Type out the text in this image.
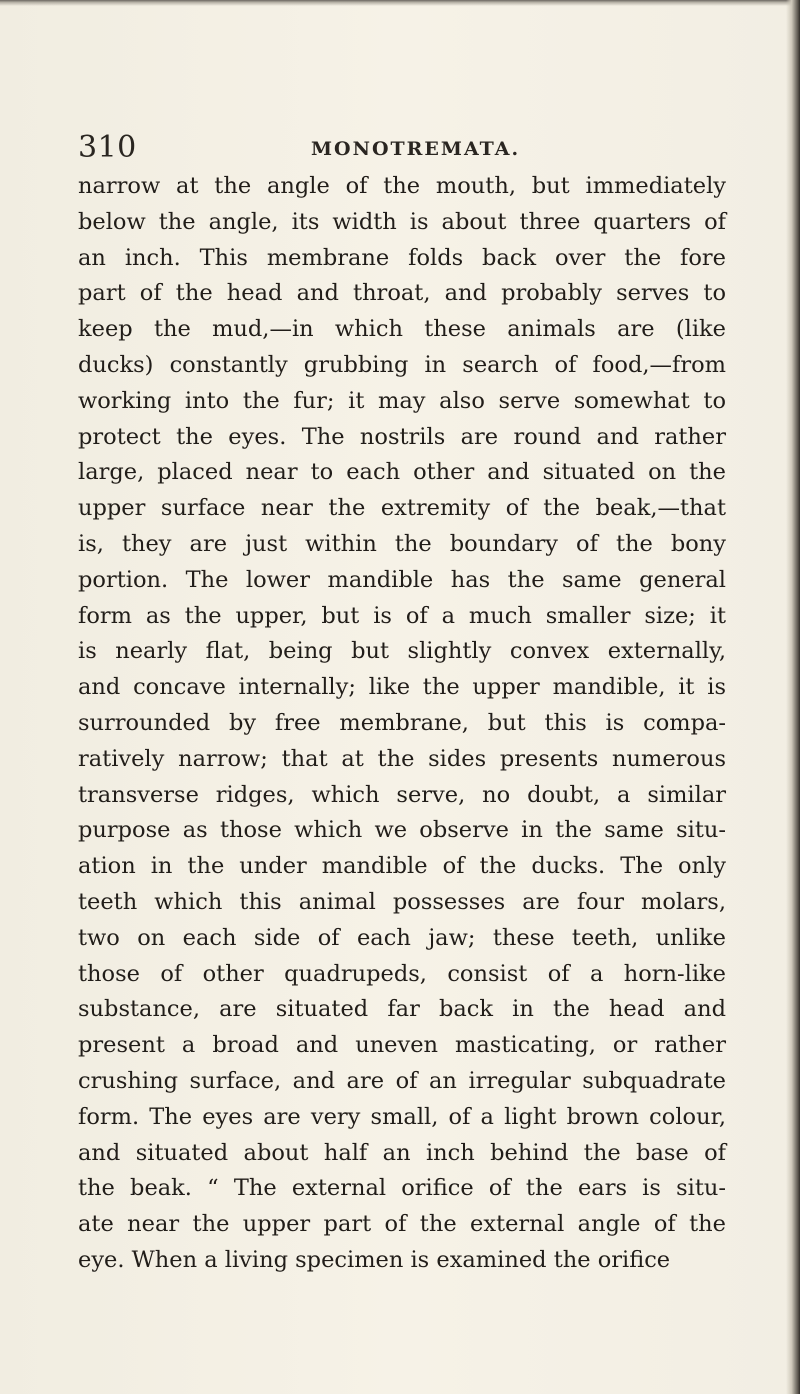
310	MONOTREMATA.
narrow at the angle of the mouth, but immediately
below the angle, its width is about three quarters of
an inch. This membrane folds back over the fore
part of the head and throat, and probably serves to
keep the mud,—in which these animals are (like
ducks) constantly grubbing in search of food,—from
working into the fur; it may also serve somewhat to
protect the eyes. The nostrils are round and rather
large, placed near to each other and situated on the
upper surface near the extremity of the beak,—that
is, they are just within the boundary of the bony
portion. The lower mandible has the same general
form as the upper, but is of a much smaller size; it
is nearly flat, being but slightly convex externally,
and concave internally; like the upper mandible, it is
surrounded by free membrane, but this is compa-
ratively narrow; that at the sides presents numerous
transverse ridges, which serve, no doubt, a similar
purpose as those which we observe in the same situ-
ation in the under mandible of the ducks. The only
teeth which this animal possesses are four molars,
two on each side of each jaw; these teeth, unlike
those of other quadrupeds, consist of a horn-like
substance, are situated far back in the head and
present a broad and uneven masticating, or rather
crushing surface, and are of an irregular subquadrate
form. The eyes are very small, of a light brown colour,
and situated about half an inch behind the base of
the beak. “ The external orifice of the ears is situ-
ate near the upper part of the external angle of the
eye. When a living specimen is examined the orifice
